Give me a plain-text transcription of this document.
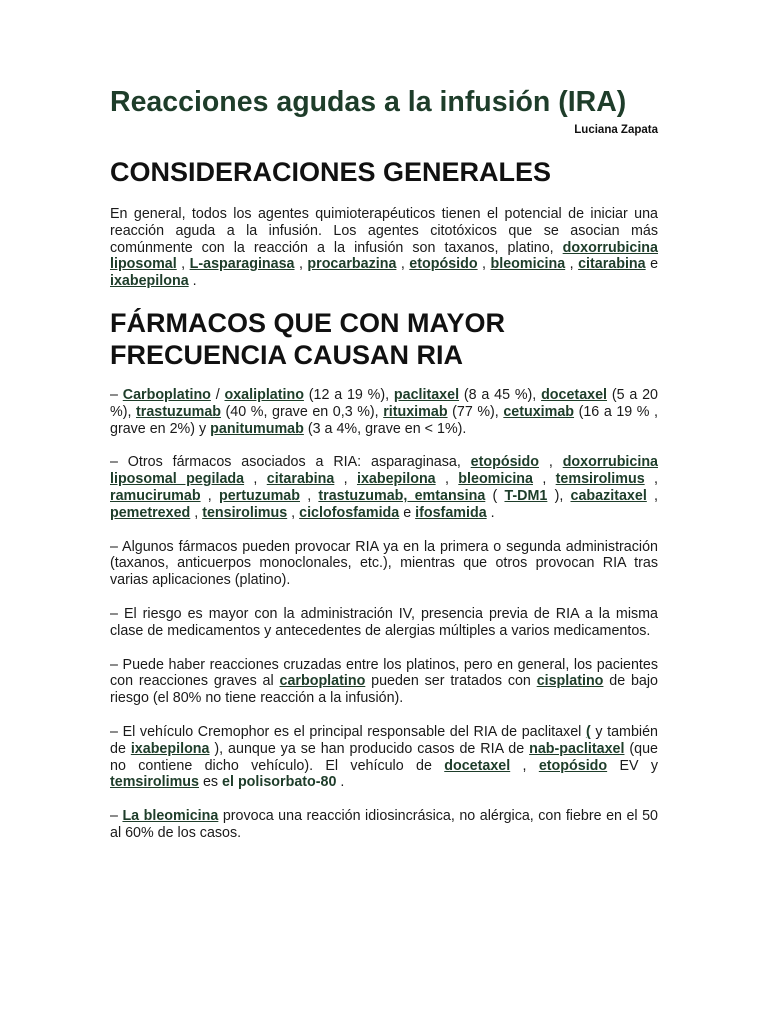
Reacciones agudas a la infusión (IRA)
Luciana Zapata
CONSIDERACIONES GENERALES

En general, todos los agentes quimioterapéuticos tienen el potencial de iniciar una reacción aguda a la infusión. Los agentes citotóxicos que se asocian más comúnmente con la reacción a la infusión son taxanos, platino, doxorrubicina liposomal , L-asparaginasa , procarbazina , etopósido , bleomicina , citarabina e ixabepilona .

FÁRMACOS QUE CON MAYOR FRECUENCIA CAUSAN RIA

– Carboplatino / oxaliplatino (12 a 19 %), paclitaxel (8 a 45 %), docetaxel (5 a 20 %), trastuzumab (40 %, grave en 0,3 %), rituximab (77 %), cetuximab (16 a 19 % , grave en 2%) y panitumumab (3 a 4%, grave en < 1%).

– Otros fármacos asociados a RIA: asparaginasa, etopósido , doxorrubicina liposomal pegilada , citarabina , ixabepilona , bleomicina , temsirolimus , ramucirumab , pertuzumab , trastuzumab, emtansina ( T-DM1 ), cabazitaxel , pemetrexed , tensirolimus , ciclofosfamida e ifosfamida .

– Algunos fármacos pueden provocar RIA ya en la primera o segunda administración (taxanos, anticuerpos monoclonales, etc.), mientras que otros provocan RIA tras varias aplicaciones (platino).

– El riesgo es mayor con la administración IV, presencia previa de RIA a la misma clase de medicamentos y antecedentes de alergias múltiples a varios medicamentos.

– Puede haber reacciones cruzadas entre los platinos, pero en general, los pacientes con reacciones graves al carboplatino pueden ser tratados con cisplatino de bajo riesgo (el 80% no tiene reacción a la infusión).

– El vehículo Cremophor es el principal responsable del RIA de paclitaxel ( y también de ixabepilona ), aunque ya se han producido casos de RIA de nab-paclitaxel (que no contiene dicho vehículo). El vehículo de docetaxel , etopósido EV y temsirolimus es el polisorbato-80 .

– La bleomicina provoca una reacción idiosincrásica, no alérgica, con fiebre en el 50 al 60% de los casos.
